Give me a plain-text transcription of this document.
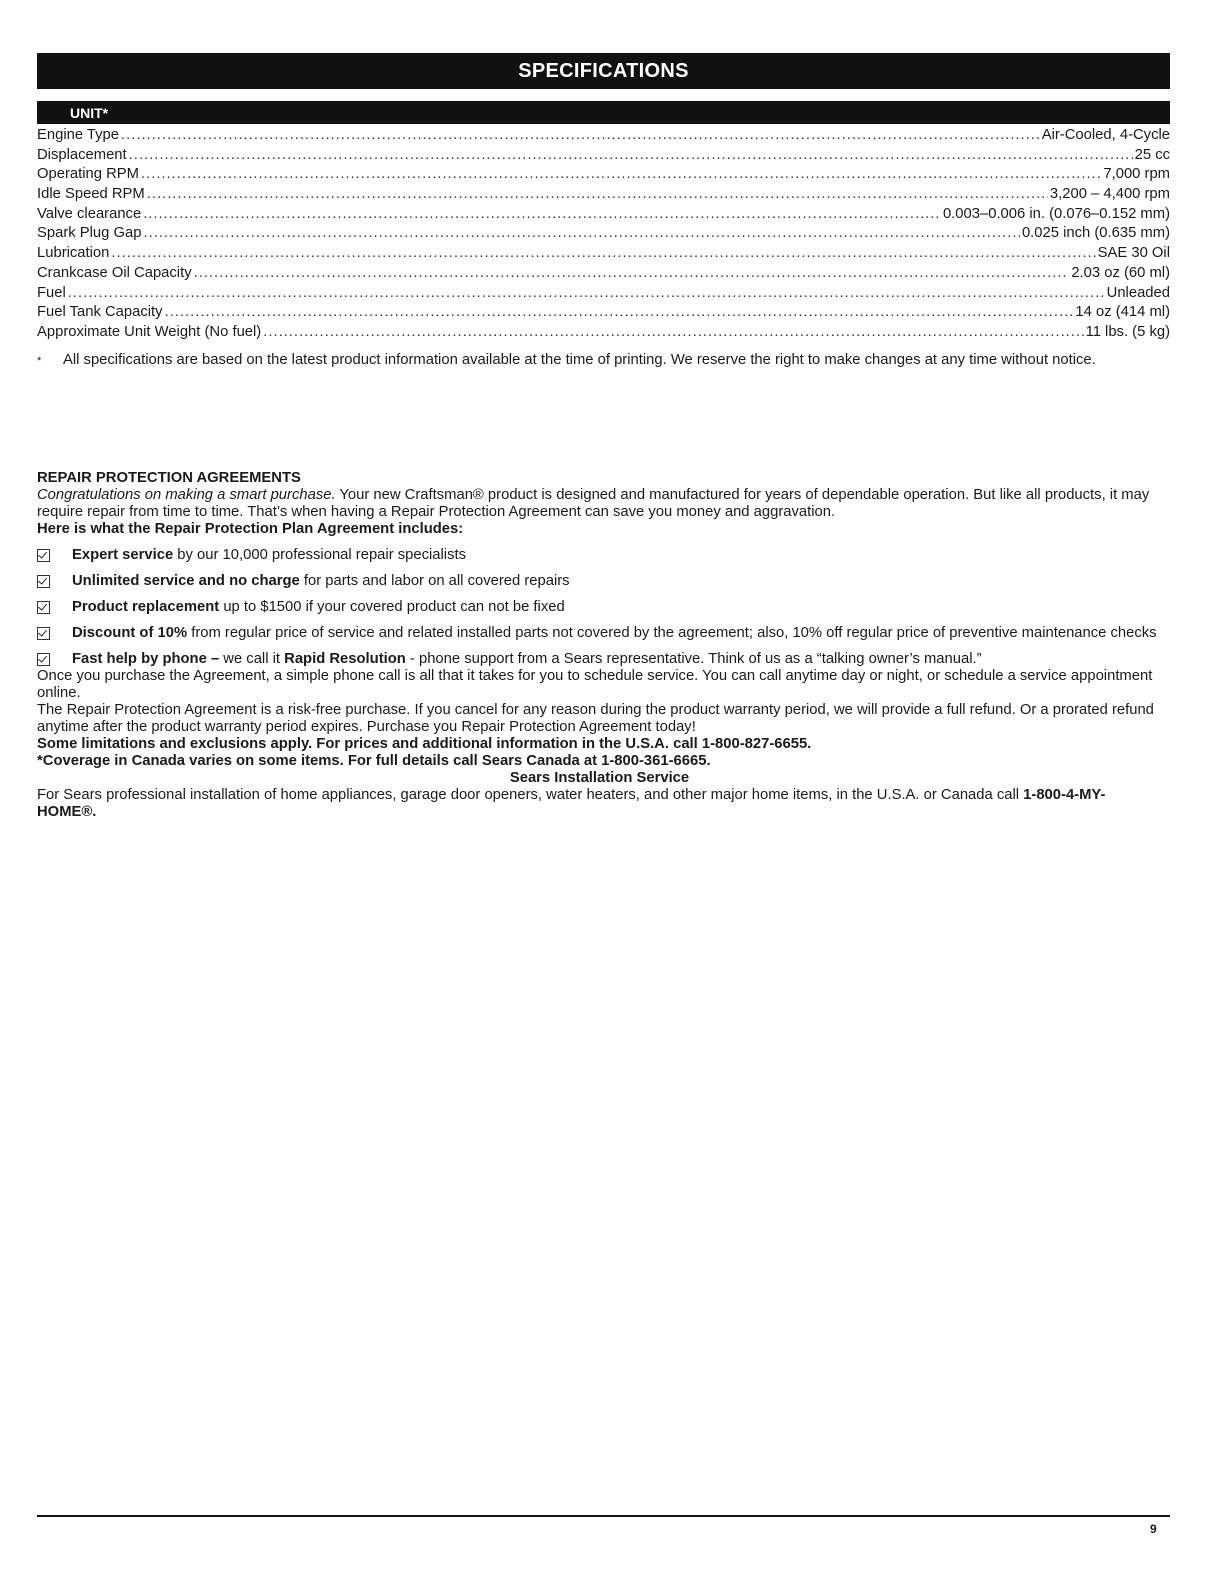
SPECIFICATIONS
UNIT*
Engine Type .....	Air-Cooled, 4-Cycle
Displacement .....	25 cc
Operating RPM .....	7,000 rpm
Idle Speed RPM .....	3,200 – 4,400 rpm
Valve clearance .....	0.003–0.006 in. (0.076–0.152 mm)
Spark Plug Gap .....	0.025 inch (0.635 mm)
Lubrication .....	SAE 30 Oil
Crankcase Oil Capacity .....	2.03 oz (60 ml)
Fuel .....	Unleaded
Fuel Tank Capacity .....	14 oz (414 ml)
Approximate Unit Weight (No fuel) .....	11 lbs. (5 kg)
*	All specifications are based on the latest product information available at the time of printing. We reserve the right to make changes at any time without notice.

REPAIR PROTECTION AGREEMENTS

Congratulations on making a smart purchase. Your new Craftsman® product is designed and manufactured for years of dependable operation. But like all products, it may require repair from time to time. That’s when having a Repair Protection Agreement can save you money and aggravation.

Here is what the Repair Protection Plan Agreement includes:

Expert service by our 10,000 professional repair specialists
Unlimited service and no charge for parts and labor on all covered repairs
Product replacement up to $1500 if your covered product can not be fixed
Discount of 10% from regular price of service and related installed parts not covered by the agreement; also, 10% off regular price of preventive maintenance checks
Fast help by phone – we call it Rapid Resolution - phone support from a Sears representative. Think of us as a “talking owner’s manual.”

Once you purchase the Agreement, a simple phone call is all that it takes for you to schedule service. You can call anytime day or night, or schedule a service appointment online.

The Repair Protection Agreement is a risk-free purchase. If you cancel for any reason during the product warranty period, we will provide a full refund. Or a prorated refund anytime after the product warranty period expires. Purchase you Repair Protection Agreement today!

Some limitations and exclusions apply. For prices and additional information in the U.S.A. call 1-800-827-6655.

*Coverage in Canada varies on some items. For full details call Sears Canada at 1-800-361-6665.

Sears Installation Service

For Sears professional installation of home appliances, garage door openers, water heaters, and other major home items, in the U.S.A. or Canada call 1-800-4-MY-HOME®.

9
